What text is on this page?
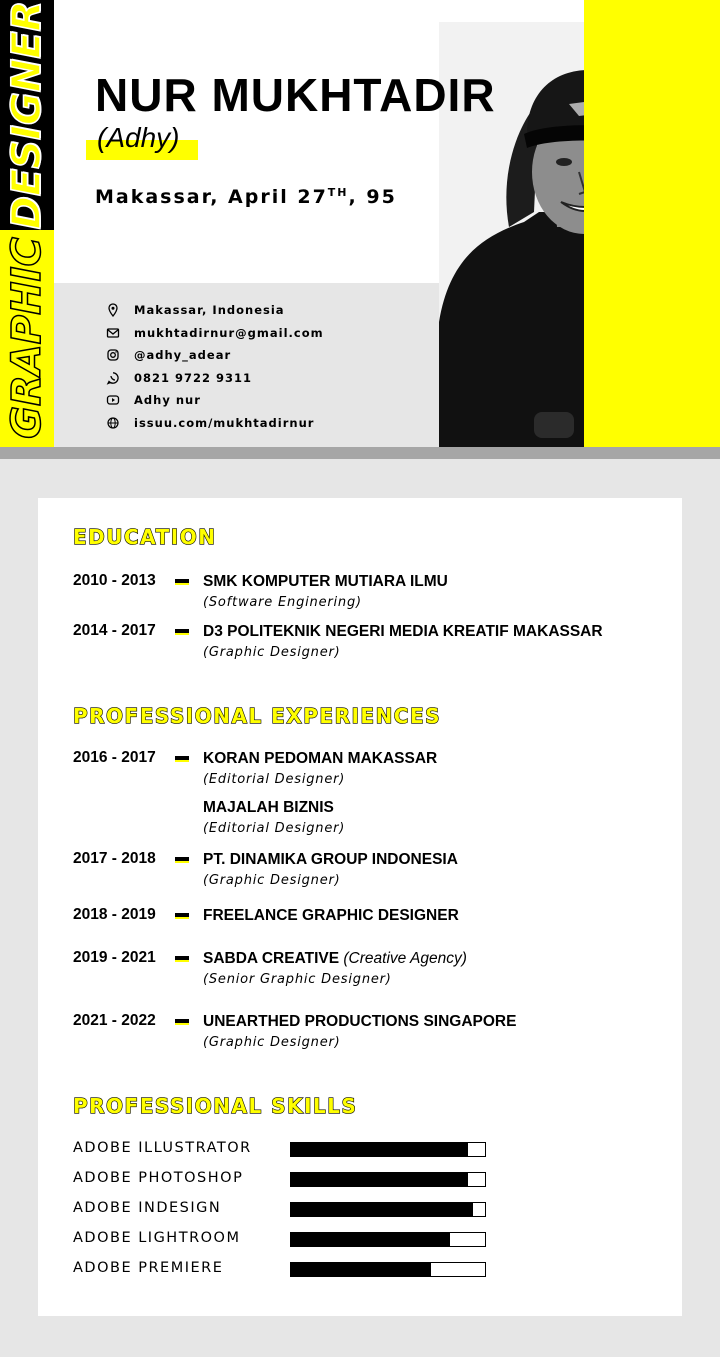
DESIGNER
GRAPHIC
NUR MUKHTADIR
(Adhy)
Makassar, April 27TH, 95
Makassar, Indonesia
mukhtadirnur@gmail.com
@adhy_adear
0821 9722 9311
Adhy nur
issuu.com/mukhtadirnur
EDUCATION
2010 - 2013	SMK KOMPUTER MUTIARA ILMU
(Software Enginering)
2014 - 2017	D3 POLITEKNIK NEGERI MEDIA KREATIF MAKASSAR
(Graphic Designer)
PROFESSIONAL EXPERIENCES
2016 - 2017	KORAN PEDOMAN MAKASSAR
(Editorial Designer)
MAJALAH BIZNIS
(Editorial Designer)
2017 - 2018	PT. DINAMIKA GROUP INDONESIA
(Graphic Designer)
2018 - 2019	FREELANCE GRAPHIC DESIGNER
2019 - 2021	SABDA CREATIVE (Creative Agency)
(Senior Graphic Designer)
2021 - 2022	UNEARTHED PRODUCTIONS SINGAPORE
(Graphic Designer)
PROFESSIONAL SKILLS
ADOBE ILLUSTRATOR
ADOBE PHOTOSHOP
ADOBE INDESIGN
ADOBE LIGHTROOM
ADOBE PREMIERE
